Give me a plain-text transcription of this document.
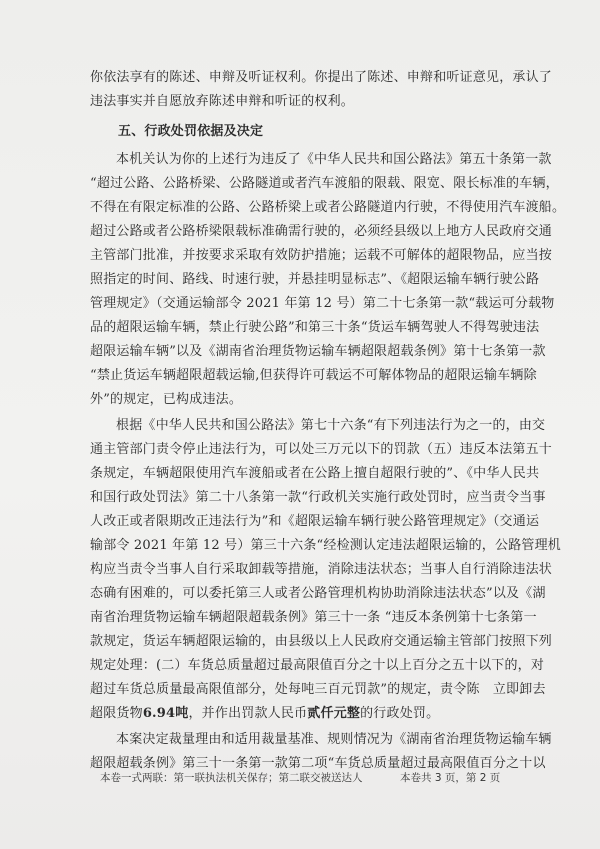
你依法享有的陈述、申辩及听证权利。你提出了陈述、申辩和听证意见，承认了
违法事实并自愿放弃陈述申辩和听证的权利。
五、行政处罚依据及决定
本机关认为你的上述行为违反了《中华人民共和国公路法》第五十条第一款
“超过公路、公路桥梁、公路隧道或者汽车渡船的限载、限宽、限长标准的车辆，
不得在有限定标准的公路、公路桥梁上或者公路隧道内行驶，不得使用汽车渡船。
超过公路或者公路桥梁限载标准确需行驶的，必须经县级以上地方人民政府交通
主管部门批准，并按要求采取有效防护措施；运载不可解体的超限物品，应当按
照指定的时间、路线、时速行驶，并悬挂明显标志”、《超限运输车辆行驶公路
管理规定》（交通运输部令 2021 年第 12 号）第二十七条第一款“载运可分载物
品的超限运输车辆，禁止行驶公路”和第三十条“货运车辆驾驶人不得驾驶违法
超限运输车辆”以及《湖南省治理货物运输车辆超限超载条例》第十七条第一款
“禁止货运车辆超限超载运输,但获得许可载运不可解体物品的超限运输车辆除
外”的规定，已构成违法。
根据《中华人民共和国公路法》第七十六条“有下列违法行为之一的，由交
通主管部门责令停止违法行为，可以处三万元以下的罚款（五）违反本法第五十
条规定，车辆超限使用汽车渡船或者在公路上擅自超限行驶的”、《中华人民共
和国行政处罚法》第二十八条第一款“行政机关实施行政处罚时，应当责令当事
人改正或者限期改正违法行为”和《超限运输车辆行驶公路管理规定》（交通运
输部令 2021 年第 12 号）第三十六条“经检测认定违法超限运输的，公路管理机
构应当责令当事人自行采取卸载等措施，消除违法状态；当事人自行消除违法状
态确有困难的，可以委托第三人或者公路管理机构协助消除违法状态”以及《湖
南省治理货物运输车辆超限超载条例》第三十一条 “违反本条例第十七条第一
款规定，货运车辆超限运输的，由县级以上人民政府交通运输主管部门按照下列
规定处理：(二）车货总质量超过最高限值百分之十以上百分之五十以下的，对
超过车货总质量最高限值部分，处每吨三百元罚款”的规定，责令陈　立即卸去
超限货物6.94吨，并作出罚款人民币贰仟元整的行政处罚。
本案决定裁量理由和适用裁量基准、规则情况为《湖南省治理货物运输车辆
超限超载条例》第三十一条第一款第二项“车货总质量超过最高限值百分之十以
本卷一式两联：第一联执法机关保存；第二联交被送达人	本卷共 3 页，第 2 页
